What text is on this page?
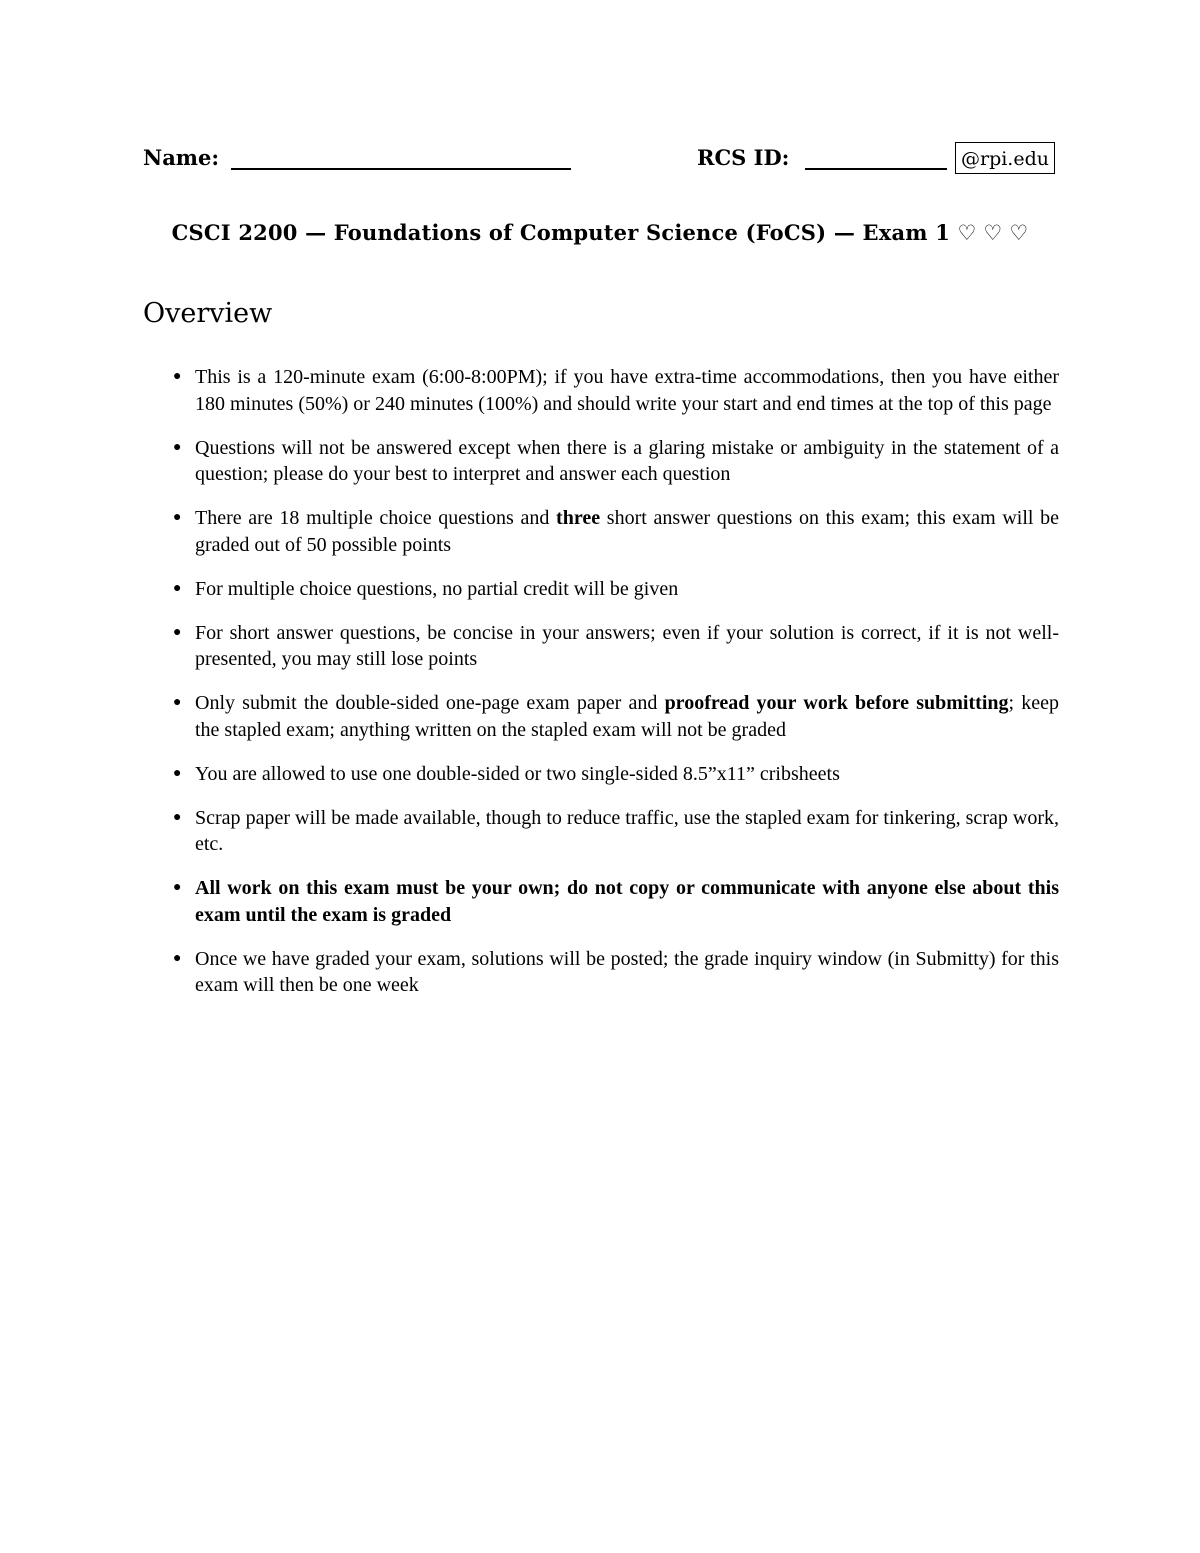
Name:	RCS ID:	@rpi.edu
CSCI 2200 — Foundations of Computer Science (FoCS) — Exam 1 ♡ ♡ ♡
Overview
● This is a 120-minute exam (6:00-8:00PM); if you have extra-time accommodations, then you have either 180 minutes (50%) or 240 minutes (100%) and should write your start and end times at the top of this page
● Questions will not be answered except when there is a glaring mistake or ambiguity in the statement of a question; please do your best to interpret and answer each question
● There are 18 multiple choice questions and three short answer questions on this exam; this exam will be graded out of 50 possible points
● For multiple choice questions, no partial credit will be given
● For short answer questions, be concise in your answers; even if your solution is correct, if it is not well-presented, you may still lose points
● Only submit the double-sided one-page exam paper and proofread your work before submitting; keep the stapled exam; anything written on the stapled exam will not be graded
● You are allowed to use one double-sided or two single-sided 8.5”x11” cribsheets
● Scrap paper will be made available, though to reduce traffic, use the stapled exam for tinkering, scrap work, etc.
● All work on this exam must be your own; do not copy or communicate with anyone else about this exam until the exam is graded
● Once we have graded your exam, solutions will be posted; the grade inquiry window (in Submitty) for this exam will then be one week
